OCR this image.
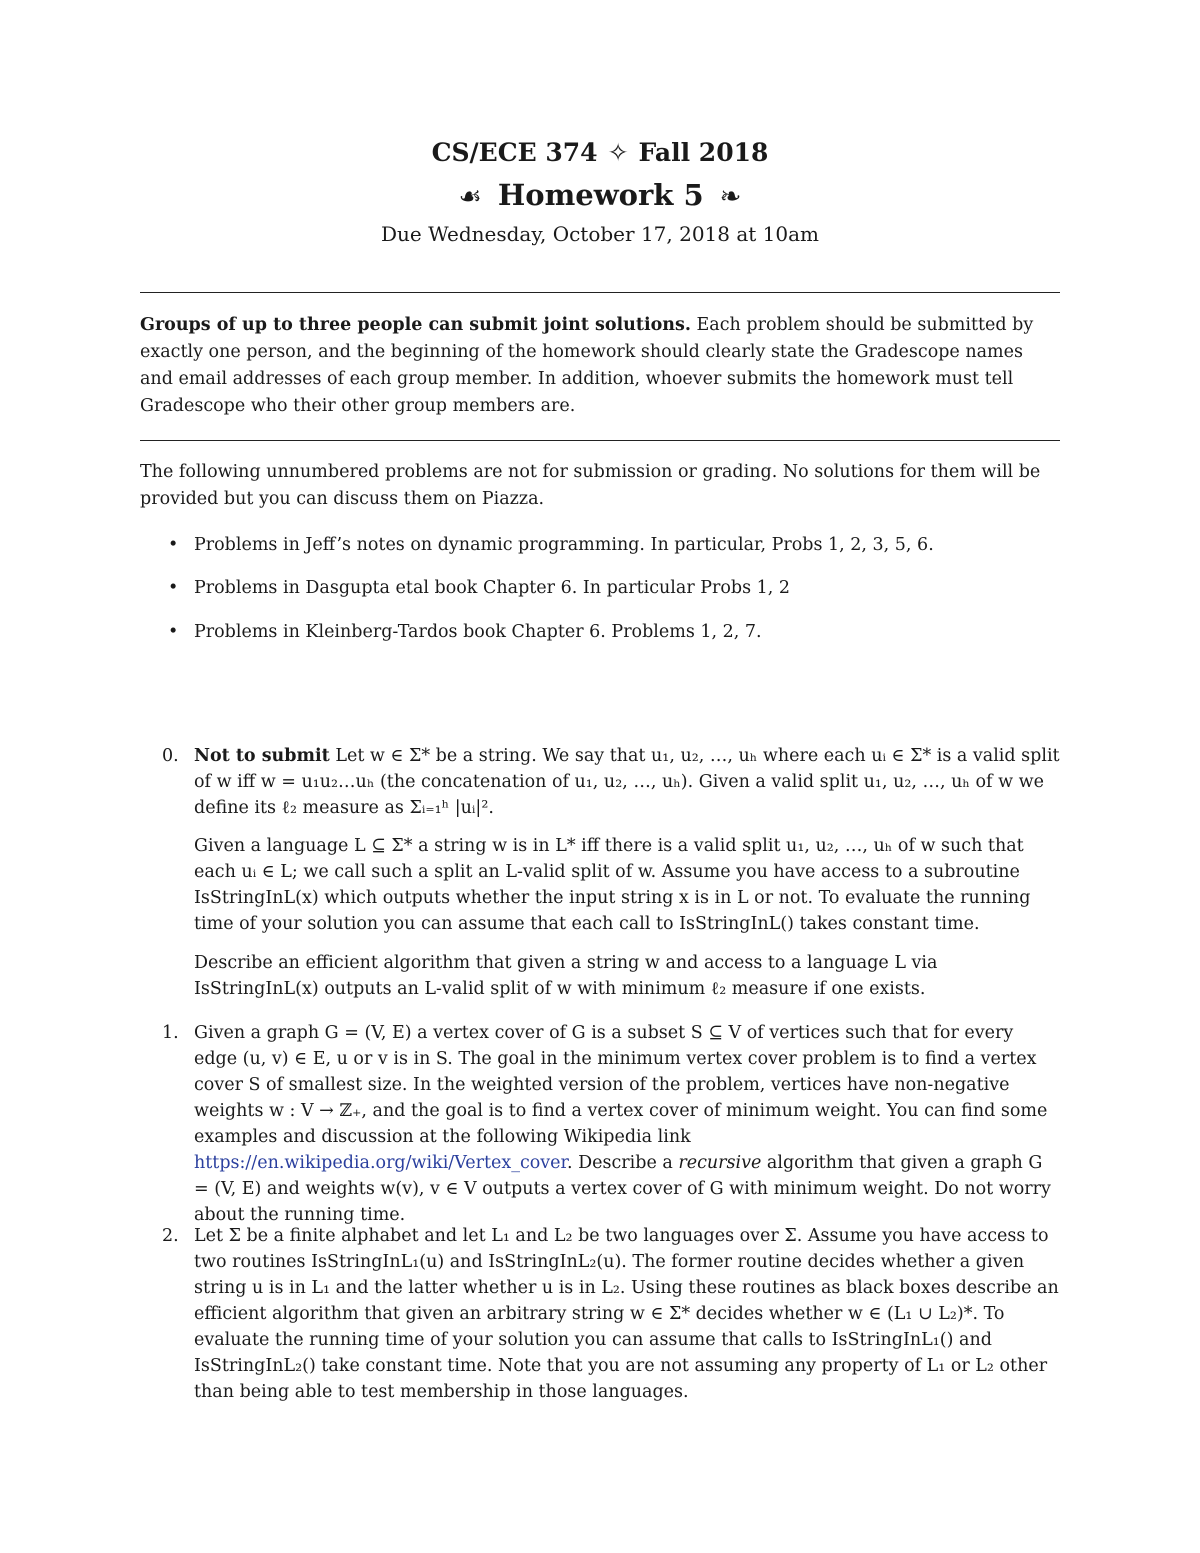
CS/ECE 374 ✧ Fall 2018
☙ Homework 5 ❧
Due Wednesday, October 17, 2018 at 10am
Groups of up to three people can submit joint solutions. Each problem should be submitted by exactly one person, and the beginning of the homework should clearly state the Gradescope names and email addresses of each group member. In addition, whoever submits the homework must tell Gradescope who their other group members are.
The following unnumbered problems are not for submission or grading. No solutions for them will be provided but you can discuss them on Piazza.
• Problems in Jeff’s notes on dynamic programming. In particular, Probs 1, 2, 3, 5, 6.
• Problems in Dasgupta etal book Chapter 6. In particular Probs 1, 2
• Problems in Kleinberg-Tardos book Chapter 6. Problems 1, 2, 7.
0. Not to submit Let w ∈ Σ* be a string. We say that u₁, u₂, …, uₕ where each uᵢ ∈ Σ* is a valid split of w iff w = u₁u₂…uₕ (the concatenation of u₁, u₂, …, uₕ). Given a valid split u₁, u₂, …, uₕ of w we define its ℓ₂ measure as Σᵢ₌₁ʰ |uᵢ|².
Given a language L ⊆ Σ* a string w is in L* iff there is a valid split u₁, u₂, …, uₕ of w such that each uᵢ ∈ L; we call such a split an L-valid split of w. Assume you have access to a subroutine IsStringInL(x) which outputs whether the input string x is in L or not. To evaluate the running time of your solution you can assume that each call to IsStringInL() takes constant time.
Describe an efficient algorithm that given a string w and access to a language L via IsStringInL(x) outputs an L-valid split of w with minimum ℓ₂ measure if one exists.
1. Given a graph G = (V, E) a vertex cover of G is a subset S ⊆ V of vertices such that for every edge (u, v) ∈ E, u or v is in S. The goal in the minimum vertex cover problem is to find a vertex cover S of smallest size. In the weighted version of the problem, vertices have non-negative weights w : V → ℤ₊, and the goal is to find a vertex cover of minimum weight. You can find some examples and discussion at the following Wikipedia link https://en.wikipedia.org/wiki/Vertex_cover. Describe a recursive algorithm that given a graph G = (V, E) and weights w(v), v ∈ V outputs a vertex cover of G with minimum weight. Do not worry about the running time.
2. Let Σ be a finite alphabet and let L₁ and L₂ be two languages over Σ. Assume you have access to two routines IsStringInL₁(u) and IsStringInL₂(u). The former routine decides whether a given string u is in L₁ and the latter whether u is in L₂. Using these routines as black boxes describe an efficient algorithm that given an arbitrary string w ∈ Σ* decides whether w ∈ (L₁ ∪ L₂)*. To evaluate the running time of your solution you can assume that calls to IsStringInL₁() and IsStringInL₂() take constant time. Note that you are not assuming any property of L₁ or L₂ other than being able to test membership in those languages.
